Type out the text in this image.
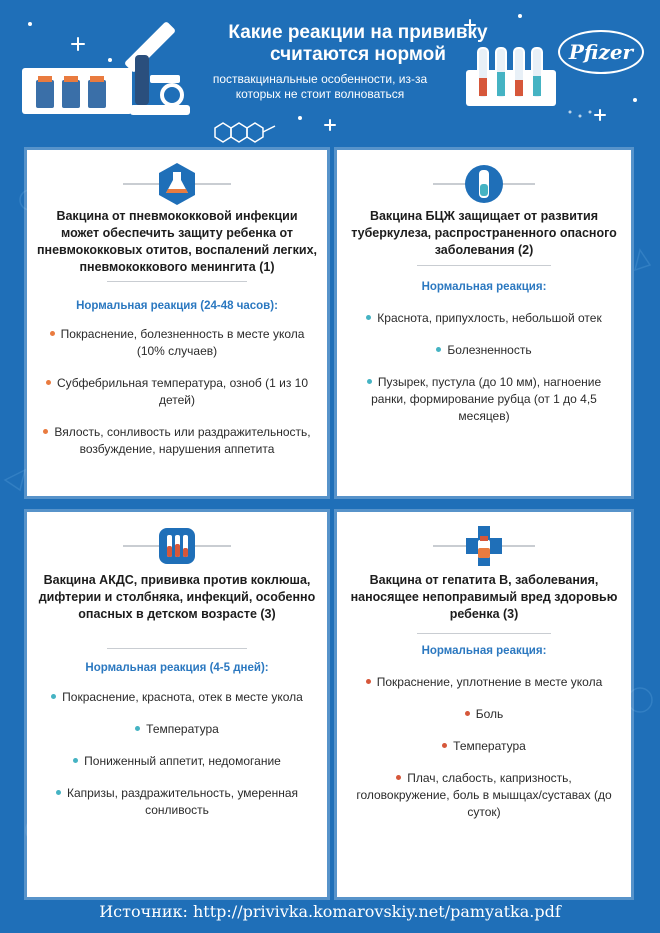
Какие реакции на прививку считаются нормой
поствакцинальные особенности, из-за которых не стоит волноваться
Pfizer
Вакцина от пневмококковой инфекции может обеспечить защиту ребенка от пневмококковых отитов, воспалений легких, пневмококкового менингита (1)
Нормальная реакция (24-48 часов):
Покраснение, болезненность в месте укола (10% случаев)
Субфебрильная температура, озноб (1 из 10 детей)
Вялость, сонливость или раздражительность, возбуждение, нарушения аппетита
Вакцина БЦЖ защищает от развития туберкулеза, распространенного опасного заболевания (2)
Нормальная реакция:
Краснота, припухлость, небольшой отек
Болезненность
Пузырек, пустула (до 10 мм), нагноение ранки, формирование рубца (от 1 до 4,5 месяцев)
Вакцина АКДС, прививка против коклюша, дифтерии и столбняка, инфекций, особенно опасных в детском возрасте (3)
Нормальная реакция (4-5 дней):
Покраснение, краснота, отек в месте укола
Температура
Пониженный аппетит, недомогание
Капризы, раздражительность, умеренная сонливость
Вакцина от гепатита В, заболевания, наносящее непоправимый вред здоровью ребенка (3)
Нормальная реакция:
Покраснение, уплотнение в месте укола
Боль
Температура
Плач, слабость, капризность, головокружение, боль в мышцах/суставах (до суток)
Источник: http://privivka.komarovskiy.net/pamyatka.pdf
